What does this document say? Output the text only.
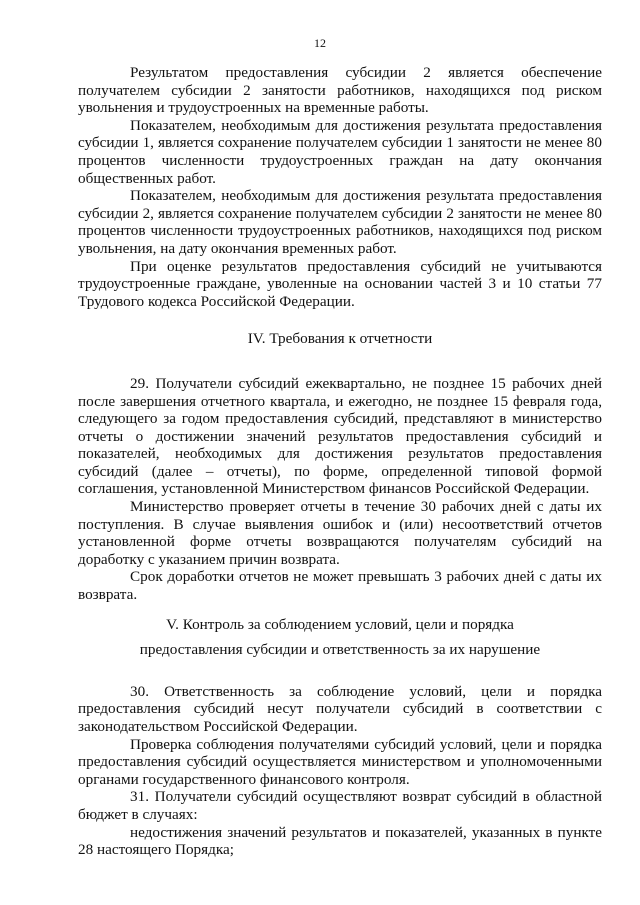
12

Результатом предоставления субсидии 2 является обеспечение получателем субсидии 2 занятости работников, находящихся под риском увольнения и трудоустроенных на временные работы.

Показателем, необходимым для достижения результата предоставления субсидии 1, является сохранение получателем субсидии 1 занятости не менее 80 процентов численности трудоустроенных граждан на дату окончания общественных работ.

Показателем, необходимым для достижения результата предоставления субсидии 2, является сохранение получателем субсидии 2 занятости не менее 80 процентов численности трудоустроенных работников, находящихся под риском увольнения, на дату окончания временных работ.

При оценке результатов предоставления субсидий не учитываются трудоустроенные граждане, уволенные на основании частей 3 и 10 статьи 77 Трудового кодекса Российской Федерации.

IV. Требования к отчетности

29. Получатели субсидий ежеквартально, не позднее 15 рабочих дней после завершения отчетного квартала, и ежегодно, не позднее 15 февраля года, следующего за годом предоставления субсидий, представляют в министерство отчеты о достижении значений результатов предоставления субсидий и показателей, необходимых для достижения результатов предоставления субсидий (далее – отчеты), по форме, определенной типовой формой соглашения, установленной Министерством финансов Российской Федерации.

Министерство проверяет отчеты в течение 30 рабочих дней с даты их поступления. В случае выявления ошибок и (или) несоответствий отчетов установленной форме отчеты возвращаются получателям субсидий на доработку с указанием причин возврата.

Срок доработки отчетов не может превышать 3 рабочих дней с даты их возврата.

V. Контроль за соблюдением условий, цели и порядка

предоставления субсидии и ответственность за их нарушение

30. Ответственность за соблюдение условий, цели и порядка предоставления субсидий несут получатели субсидий в соответствии с законодательством Российской Федерации.

Проверка соблюдения получателями субсидий условий, цели и порядка предоставления субсидий осуществляется министерством и уполномоченными органами государственного финансового контроля.

31. Получатели субсидий осуществляют возврат субсидий в областной бюджет в случаях:

недостижения значений результатов и показателей, указанных в пункте 28 настоящего Порядка;
